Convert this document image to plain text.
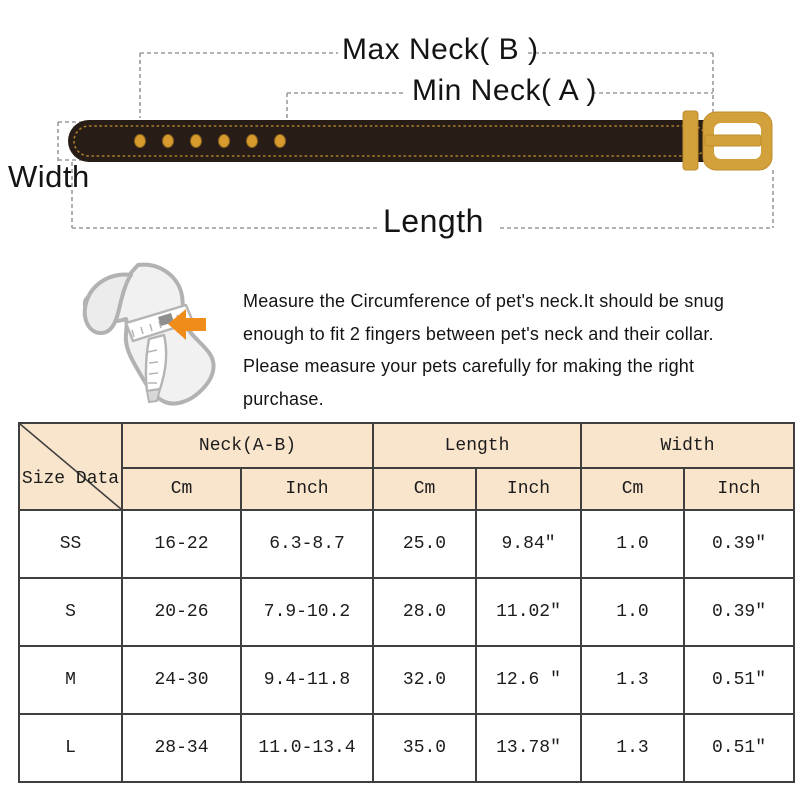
Max Neck( B )
Min Neck( A )
Width
Length
Measure the Circumference of pet's neck.It should be snug
enough to fit 2 fingers between pet's neck and their collar.
Please measure your pets carefully for making the right
purchase.
Size Data	Neck(A-B)		Length		Width	
	Cm	Inch	Cm	Inch	Cm	Inch
SS	16-22	6.3-8.7	25.0	9.84″	1.0	0.39″
S	20-26	7.9-10.2	28.0	11.02″	1.0	0.39″
M	24-30	9.4-11.8	32.0	12.6 ″	1.3	0.51″
L	28-34	11.0-13.4	35.0	13.78″	1.3	0.51″
